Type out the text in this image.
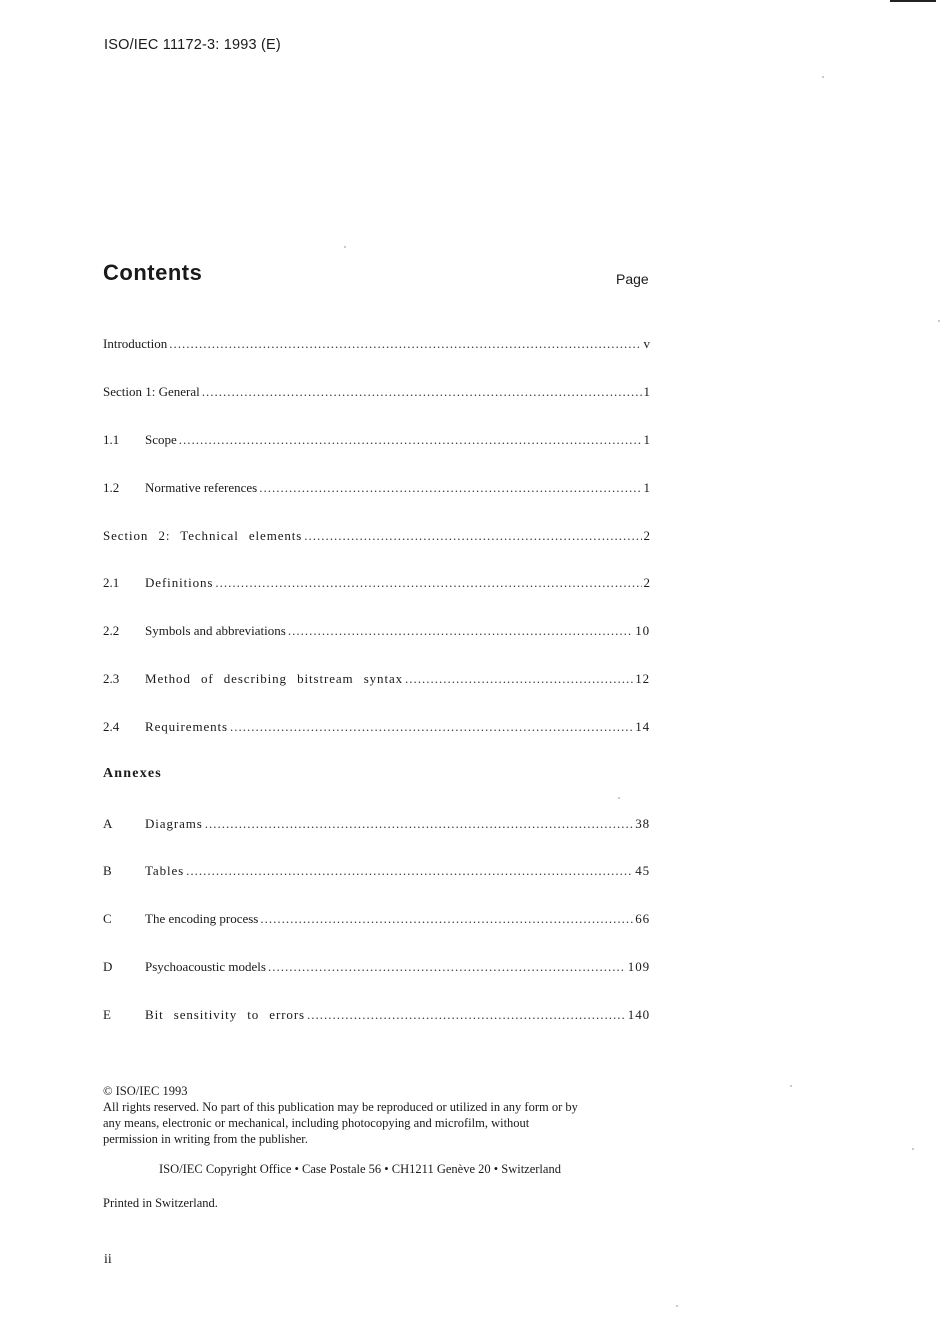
ISO/IEC 11172-3: 1993 (E)
Contents	Page
Introduction .....	v
Section 1: General .....	1
1.1	Scope .....	1
1.2	Normative references .....	1
Section 2: Technical elements .....	2
2.1	Definitions .....	2
2.2	Symbols and abbreviations .....	10
2.3	Method of describing bitstream syntax .....	12
2.4	Requirements .....	14
Annexes
A	Diagrams .....	38
B	Tables .....	45
C	The encoding process .....	66
D	Psychoacoustic models .....	109
E	Bit sensitivity to errors .....	140
© ISO/IEC 1993
All rights reserved. No part of this publication may be reproduced or utilized in any form or by
any means, electronic or mechanical, including photocopying and microfilm, without
permission in writing from the publisher.
ISO/IEC Copyright Office • Case Postale 56 • CH1211 Genève 20 • Switzerland
Printed in Switzerland.
ii
